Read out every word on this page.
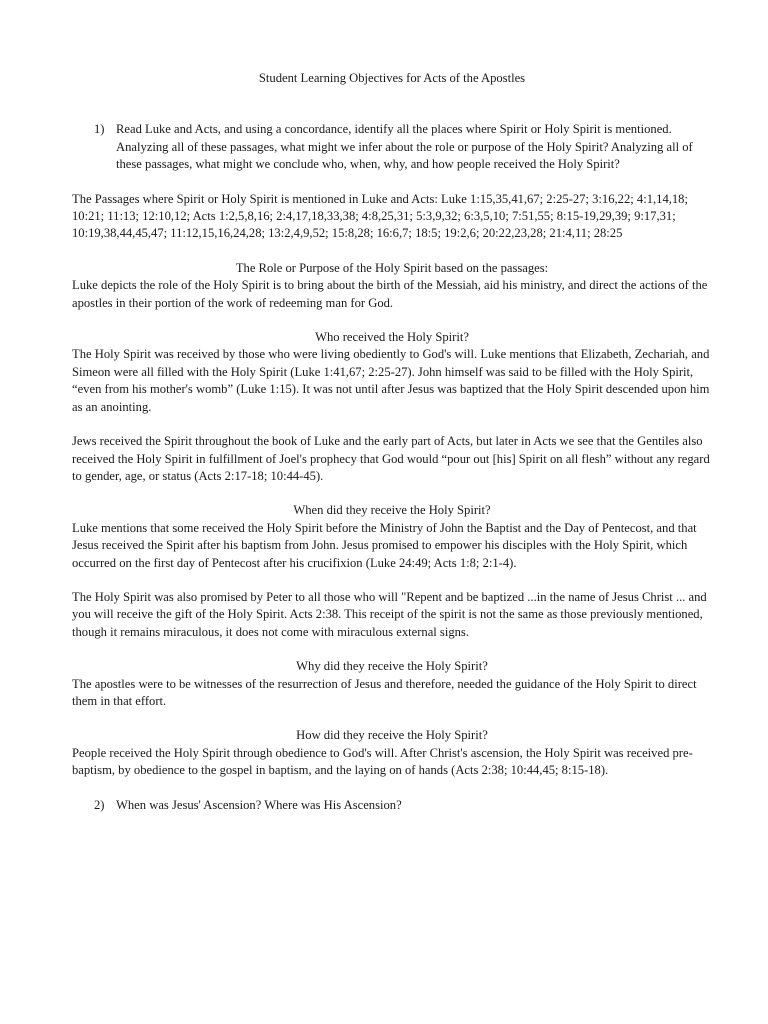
Student Learning Objectives for Acts of the Apostles
1) Read Luke and Acts, and using a concordance, identify all the places where Spirit or Holy Spirit is mentioned. Analyzing all of these passages, what might we infer about the role or purpose of the Holy Spirit? Analyzing all of these passages, what might we conclude who, when, why, and how people received the Holy Spirit?

The Passages where Spirit or Holy Spirit is mentioned in Luke and Acts: Luke 1:15,35,41,67; 2:25-27; 3:16,22; 4:1,14,18; 10:21; 11:13; 12:10,12; Acts 1:2,5,8,16; 2:4,17,18,33,38; 4:8,25,31; 5:3,9,32; 6:3,5,10; 7:51,55; 8:15-19,29,39; 9:17,31; 10:19,38,44,45,47; 11:12,15,16,24,28; 13:2,4,9,52; 15:8,28; 16:6,7; 18:5; 19:2,6; 20:22,23,28; 21:4,11; 28:25

The Role or Purpose of the Holy Spirit based on the passages:

Luke depicts the role of the Holy Spirit is to bring about the birth of the Messiah, aid his ministry, and direct the actions of the apostles in their portion of the work of redeeming man for God.

Who received the Holy Spirit?

The Holy Spirit was received by those who were living obediently to God's will. Luke mentions that Elizabeth, Zechariah, and Simeon were all filled with the Holy Spirit (Luke 1:41,67; 2:25-27). John himself was said to be filled with the Holy Spirit, “even from his mother's womb” (Luke 1:15). It was not until after Jesus was baptized that the Holy Spirit descended upon him as an anointing.

Jews received the Spirit throughout the book of Luke and the early part of Acts, but later in Acts we see that the Gentiles also received the Holy Spirit in fulfillment of Joel's prophecy that God would “pour out [his] Spirit on all flesh” without any regard to gender, age, or status (Acts 2:17-18; 10:44-45).

When did they receive the Holy Spirit?

Luke mentions that some received the Holy Spirit before the Ministry of John the Baptist and the Day of Pentecost, and that Jesus received the Spirit after his baptism from John. Jesus promised to empower his disciples with the Holy Spirit, which occurred on the first day of Pentecost after his crucifixion (Luke 24:49; Acts 1:8; 2:1-4).

The Holy Spirit was also promised by Peter to all those who will "Repent and be baptized ...in the name of Jesus Christ ... and you will receive the gift of the Holy Spirit. Acts 2:38. This receipt of the spirit is not the same as those previously mentioned, though it remains miraculous, it does not come with miraculous external signs.

Why did they receive the Holy Spirit?

The apostles were to be witnesses of the resurrection of Jesus and therefore, needed the guidance of the Holy Spirit to direct them in that effort.

How did they receive the Holy Spirit?

People received the Holy Spirit through obedience to God's will. After Christ's ascension, the Holy Spirit was received pre-baptism, by obedience to the gospel in baptism, and the laying on of hands (Acts 2:38; 10:44,45; 8:15-18).

2) When was Jesus' Ascension? Where was His Ascension?
